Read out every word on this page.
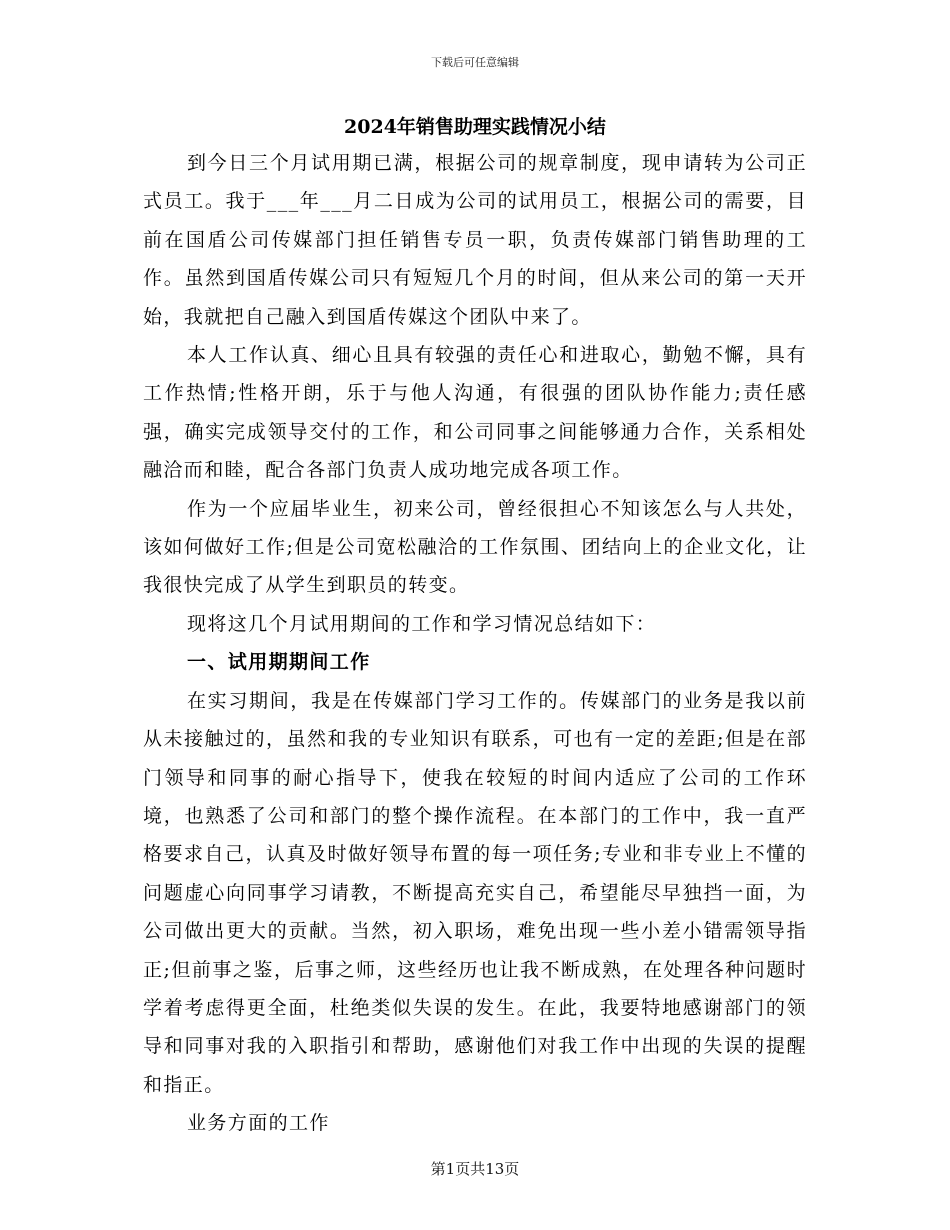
下载后可任意编辑
2024年销售助理实践情况小结

到今日三个月试用期已满，根据公司的规章制度，现申请转为公司正式员工。我于___年___月二日成为公司的试用员工，根据公司的需要，目前在国盾公司传媒部门担任销售专员一职，负责传媒部门销售助理的工作。虽然到国盾传媒公司只有短短几个月的时间，但从来公司的第一天开始，我就把自己融入到国盾传媒这个团队中来了。

本人工作认真、细心且具有较强的责任心和进取心，勤勉不懈，具有工作热情;性格开朗，乐于与他人沟通，有很强的团队协作能力;责任感强，确实完成领导交付的工作，和公司同事之间能够通力合作，关系相处融洽而和睦，配合各部门负责人成功地完成各项工作。

作为一个应届毕业生，初来公司，曾经很担心不知该怎么与人共处，该如何做好工作;但是公司宽松融洽的工作氛围、团结向上的企业文化，让我很快完成了从学生到职员的转变。

现将这几个月试用期间的工作和学习情况总结如下：

一、试用期期间工作

在实习期间，我是在传媒部门学习工作的。传媒部门的业务是我以前从未接触过的，虽然和我的专业知识有联系，可也有一定的差距;但是在部门领导和同事的耐心指导下，使我在较短的时间内适应了公司的工作环境，也熟悉了公司和部门的整个操作流程。在本部门的工作中，我一直严格要求自己，认真及时做好领导布置的每一项任务;专业和非专业上不懂的问题虚心向同事学习请教，不断提高充实自己，希望能尽早独挡一面，为公司做出更大的贡献。当然，初入职场，难免出现一些小差小错需领导指正;但前事之鉴，后事之师，这些经历也让我不断成熟，在处理各种问题时学着考虑得更全面，杜绝类似失误的发生。在此，我要特地感谢部门的领导和同事对我的入职指引和帮助，感谢他们对我工作中出现的失误的提醒和指正。

业务方面的工作

第1页共13页
